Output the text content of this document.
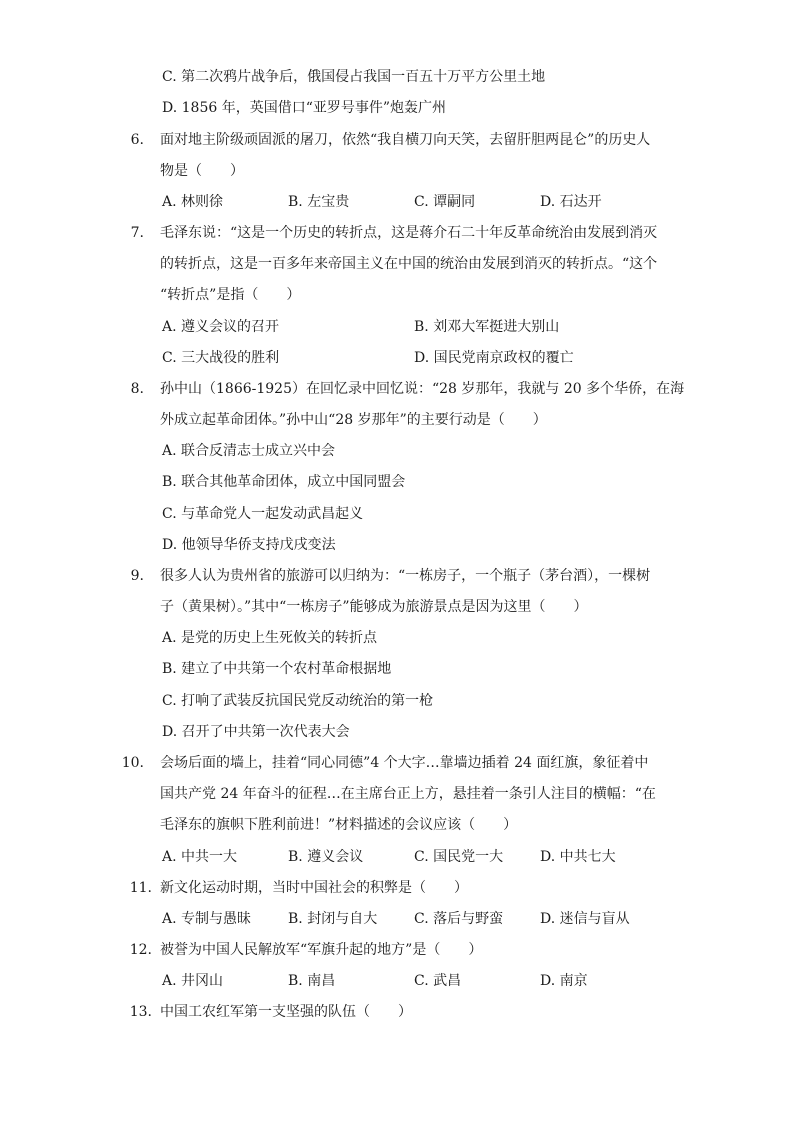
C. 第二次鸦片战争后，俄国侵占我国一百五十万平方公里土地
D. 1856 年，英国借口“亚罗号事件”炮轰广州
6. 面对地主阶级顽固派的屠刀，依然“我自横刀向天笑，去留肝胆两昆仑”的历史人
物是（　　）
A. 林则徐	B. 左宝贵	C. 谭嗣同	D. 石达开
7. 毛泽东说：“这是一个历史的转折点，这是蒋介石二十年反革命统治由发展到消灭
的转折点，这是一百多年来帝国主义在中国的统治由发展到消灭的转折点。“这个
“转折点”是指（　　）
A. 遵义会议的召开	B. 刘邓大军挺进大别山
C. 三大战役的胜利	D. 国民党南京政权的覆亡
8. 孙中山（1866-1925）在回忆录中回忆说：“28 岁那年，我就与 20 多个华侨，在海
外成立起革命团体。”孙中山“28 岁那年”的主要行动是（　　）
A. 联合反清志士成立兴中会
B. 联合其他革命团体，成立中国同盟会
C. 与革命党人一起发动武昌起义
D. 他领导华侨支持戊戌变法
9. 很多人认为贵州省的旅游可以归纳为：“一栋房子，一个瓶子（茅台酒），一棵树
子（黄果树）。”其中“一栋房子”能够成为旅游景点是因为这里（　　）
A. 是党的历史上生死攸关的转折点
B. 建立了中共第一个农村革命根据地
C. 打响了武装反抗国民党反动统治的第一枪
D. 召开了中共第一次代表大会
10. 会场后面的墙上，挂着“同心同德”4 个大字…靠墙边插着 24 面红旗，象征着中
国共产党 24 年奋斗的征程…在主席台正上方，悬挂着一条引人注目的横幅：“在
毛泽东的旗帜下胜利前进！”材料描述的会议应该（　　）
A. 中共一大	B. 遵义会议	C. 国民党一大	D. 中共七大
11. 新文化运动时期，当时中国社会的积弊是（　　）
A. 专制与愚昧	B. 封闭与自大	C. 落后与野蛮	D. 迷信与盲从
12. 被誉为中国人民解放军“军旗升起的地方”是（　　）
A. 井冈山	B. 南昌	C. 武昌	D. 南京
13. 中国工农红军第一支坚强的队伍（　　）
